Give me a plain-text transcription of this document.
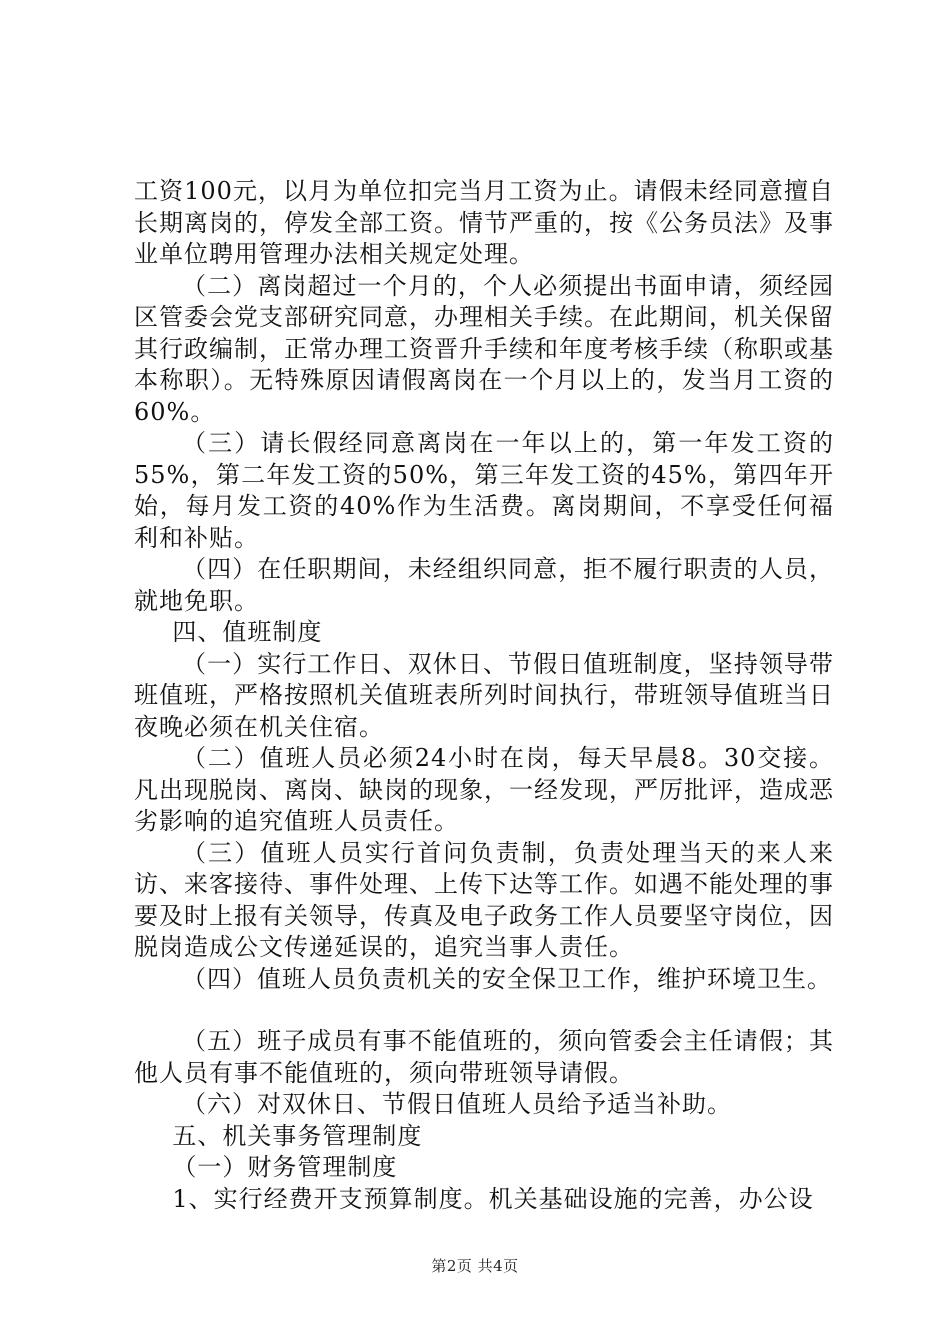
工资100元，以月为单位扣完当月工资为止。请假未经同意擅自长期离岗的，停发全部工资。情节严重的，按《公务员法》及事业单位聘用管理办法相关规定处理。

（二）离岗超过一个月的，个人必须提出书面申请，须经园区管委会党支部研究同意，办理相关手续。在此期间，机关保留其行政编制，正常办理工资晋升手续和年度考核手续（称职或基本称职）。无特殊原因请假离岗在一个月以上的，发当月工资的60%。

（三）请长假经同意离岗在一年以上的，第一年发工资的55%，第二年发工资的50%，第三年发工资的45%，第四年开始，每月发工资的40%作为生活费。离岗期间，不享受任何福利和补贴。

（四）在任职期间，未经组织同意，拒不履行职责的人员，就地免职。

四、值班制度

（一）实行工作日、双休日、节假日值班制度，坚持领导带班值班，严格按照机关值班表所列时间执行，带班领导值班当日夜晚必须在机关住宿。

（二）值班人员必须24小时在岗，每天早晨8。30交接。凡出现脱岗、离岗、缺岗的现象，一经发现，严厉批评，造成恶劣影响的追究值班人员责任。

（三）值班人员实行首问负责制，负责处理当天的来人来访、来客接待、事件处理、上传下达等工作。如遇不能处理的事要及时上报有关领导，传真及电子政务工作人员要坚守岗位，因脱岗造成公文传递延误的，追究当事人责任。

（四）值班人员负责机关的安全保卫工作，维护环境卫生。

（五）班子成员有事不能值班的，须向管委会主任请假；其他人员有事不能值班的，须向带班领导请假。

（六）对双休日、节假日值班人员给予适当补助。

五、机关事务管理制度

（一）财务管理制度

1、实行经费开支预算制度。机关基础设施的完善，办公设

第2页 共4页
